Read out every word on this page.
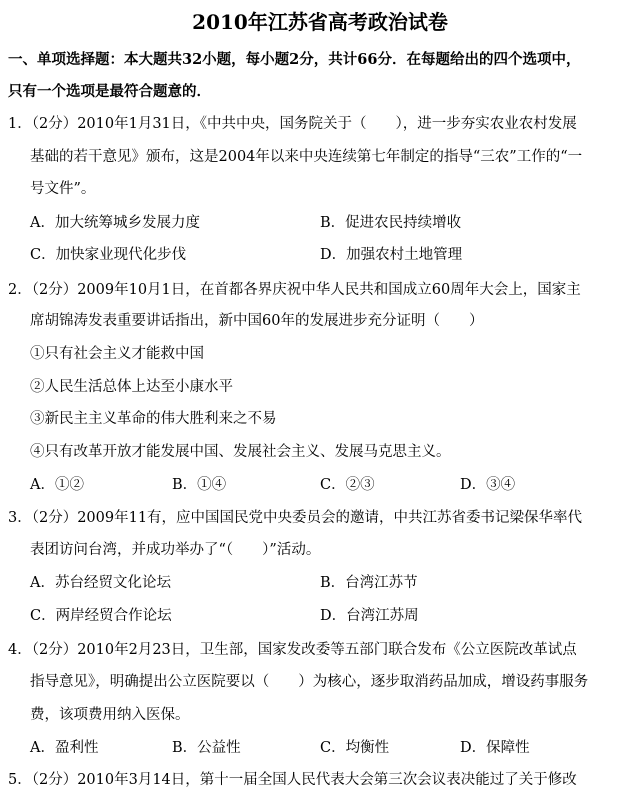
2010年江苏省高考政治试卷
一、单项选择题：本大题共32小题，每小题2分，共计66分．在每题给出的四个选项中，
只有一个选项是最符合题意的．
1．（2分）2010年1月31日，《中共中央，国务院关于（　　），进一步夯实农业农村发展
基础的若干意见》颁布，这是2004年以来中央连续第七年制定的指导“三农”工作的“一
号文件”。
A．加大统筹城乡发展力度	B．促进农民持续增收
C．加快家业现代化步伐	D．加强农村土地管理
2．（2分）2009年10月1日，在首都各界庆祝中华人民共和国成立60周年大会上，国家主
席胡锦涛发表重要讲话指出，新中国60年的发展进步充分证明（　　）
①只有社会主义才能救中国
②人民生活总体上达至小康水平
③新民主主义革命的伟大胜利来之不易
④只有改革开放才能发展中国、发展社会主义、发展马克思主义。
A．①②	B．①④	C．②③	D．③④
3．（2分）2009年11有，应中国国民党中央委员会的邀请，中共江苏省委书记梁保华率代
表团访问台湾，并成功举办了“（　　）”活动。
A．苏台经贸文化论坛	B．台湾江苏节
C．两岸经贸合作论坛	D．台湾江苏周
4．（2分）2010年2月23日，卫生部，国家发改委等五部门联合发布《公立医院改革试点
指导意见》，明确提出公立医院要以（　　）为核心，逐步取消药品加成，增设药事服务
费，该项费用纳入医保。
A．盈利性	B．公益性	C．均衡性	D．保障性
5．（2分）2010年3月14日，第十一届全国人民代表大会第三次会议表决能过了关于修改
